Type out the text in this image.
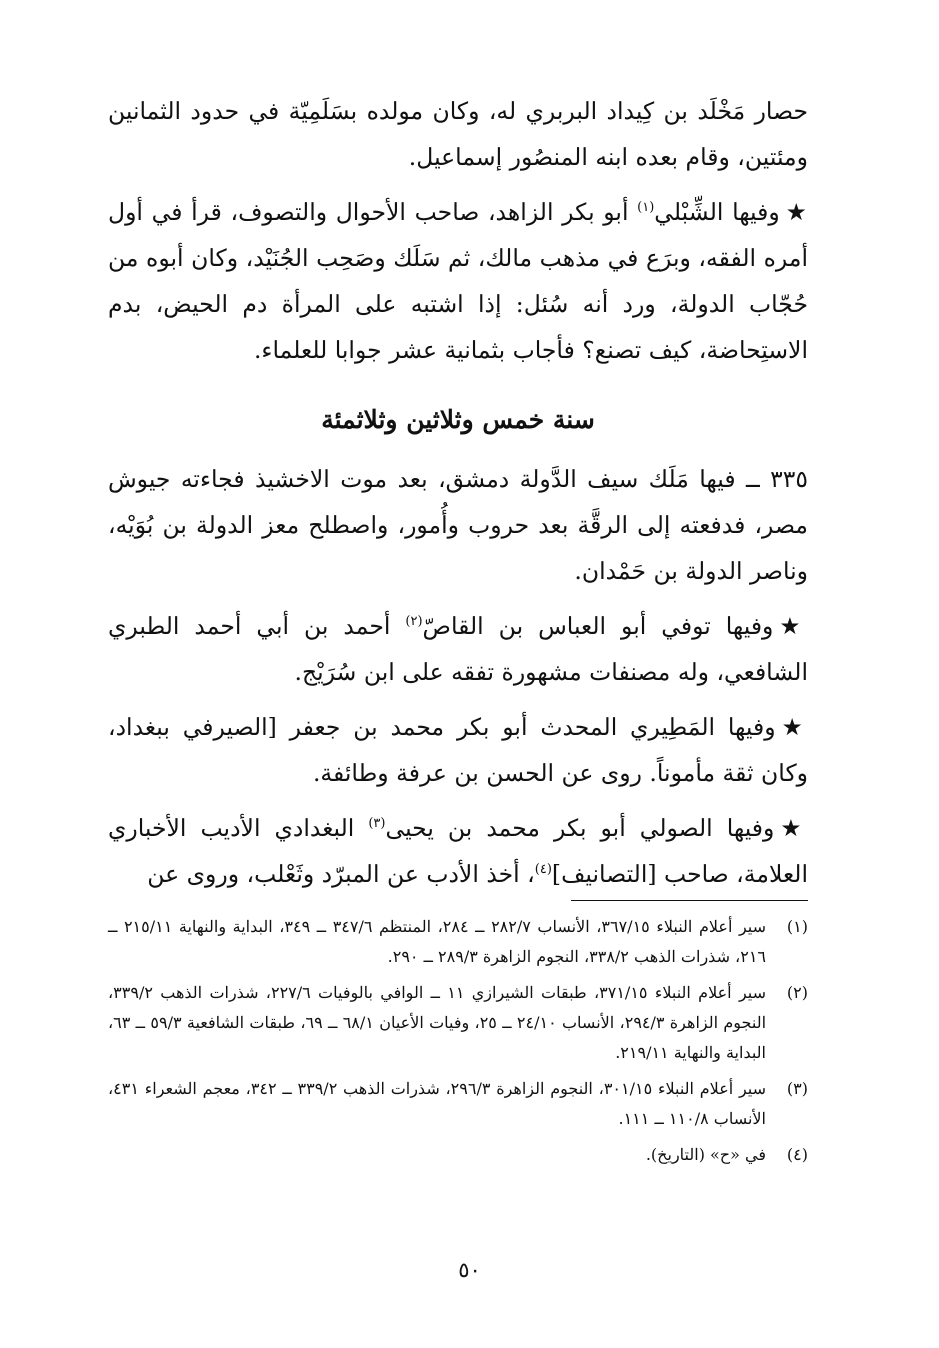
حصار مَخْلَد بن كِيداد البربري له، وكان مولده بسَلَمِيّة في حدود الثمانين ومئتين، وقام بعده ابنه المنصُور إسماعيل.

★وفيها الشِّبْلي$^{(١)}$ أبو بكر الزاهد، صاحب الأحوال والتصوف، قرأ في أول أمره الفقه، وبرَع في مذهب مالك، ثم سَلَك وصَحِب الجُنَيْد، وكان أبوه من حُجّاب الدولة، ورد أنه سُئل: إذا اشتبه على المرأة دم الحيض، بدم الاستِحاضة، كيف تصنع؟ فأجاب بثمانية عشر جوابا للعلماء.

سنة خمس وثلاثين وثلاثمئة

٣٣٥ ــ فيها مَلَك سيف الدَّولة دمشق، بعد موت الاخشيذ فجاءته جيوش مصر، فدفعته إلى الرقَّة بعد حروب وأُمور، واصطلح معز الدولة بن بُوَيْه، وناصر الدولة بن حَمْدان.

★وفيها توفي أبو العباس بن القاصّ$^{(٢)}$ أحمد بن أبي أحمد الطبري الشافعي، وله مصنفات مشهورة تفقه على ابن سُرَيْج.

★وفيها المَطِيري المحدث أبو بكر محمد بن جعفر [الصيرفي ببغداد، وكان ثقة مأموناً. روى عن الحسن بن عرفة وطائفة.

★وفيها الصولي أبو بكر محمد بن يحيى$^{(٣)}$ البغدادي الأديب الأخباري العلامة، صاحب [التصانيف]$^{(٤)}$، أخذ الأدب عن المبرّد وثَعْلب، وروى عن

(١)
سير أعلام النبلاء ٣٦٧/١٥، الأنساب ٢٨٢/٧ ــ ٢٨٤، المنتظم ٣٤٧/٦ ــ ٣٤٩، البداية والنهاية ٢١٥/١١ ــ ٢١٦، شذرات الذهب ٣٣٨/٢، النجوم الزاهرة ٢٨٩/٣ ــ ٢٩٠.
(٢)
سير أعلام النبلاء ٣٧١/١٥، طبقات الشيرازي ١١ ــ الوافي بالوفيات ٢٢٧/٦، شذرات الذهب ٣٣٩/٢، النجوم الزاهرة ٢٩٤/٣، الأنساب ٢٤/١٠ ــ ٢٥، وفيات الأعيان ٦٨/١ ــ ٦٩، طبقات الشافعية ٥٩/٣ ــ ٦٣، البداية والنهاية ٢١٩/١١.
(٣)
سير أعلام النبلاء ٣٠١/١٥، النجوم الزاهرة ٢٩٦/٣، شذرات الذهب ٣٣٩/٢ ــ ٣٤٢، معجم الشعراء ٤٣١، الأنساب ١١٠/٨ ــ ١١١.
(٤)
في «ح» (التاريخ).
٥٠
